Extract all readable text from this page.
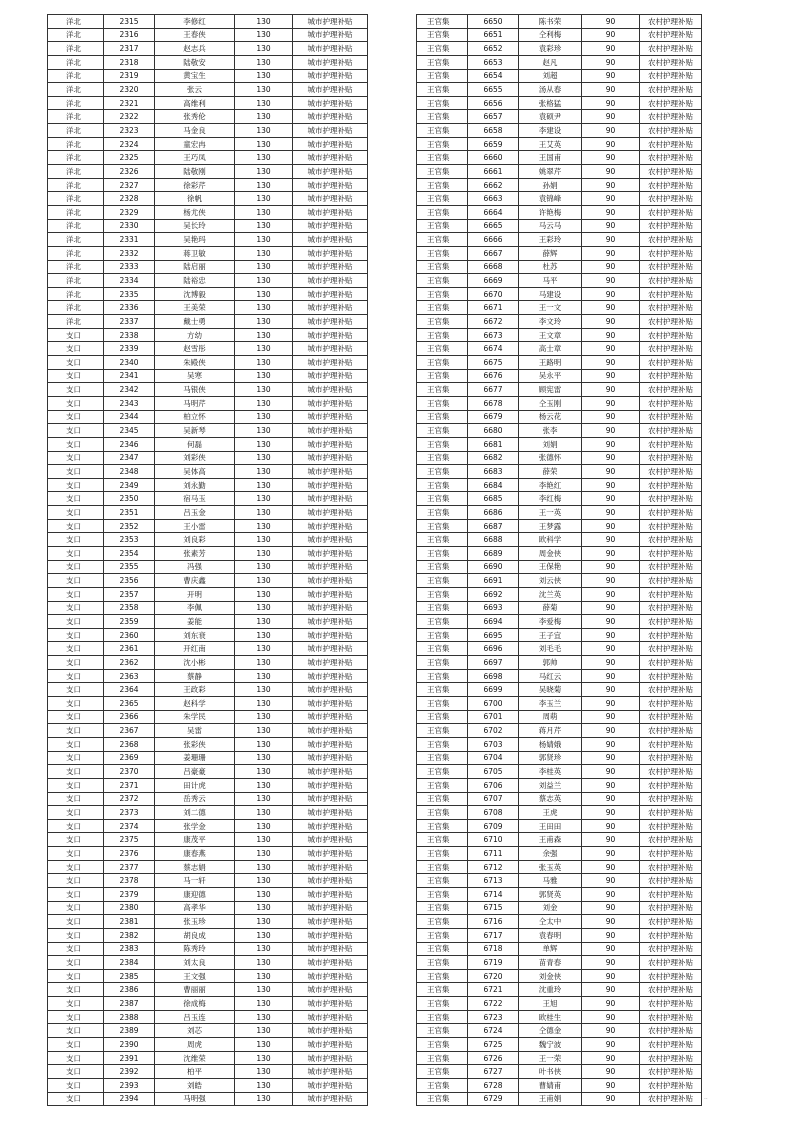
洋北	2315	李修红	130	城市护理补贴
洋北	2316	王春侠	130	城市护理补贴
洋北	2317	赵志兵	130	城市护理补贴
洋北	2318	陆敬安	130	城市护理补贴
洋北	2319	黄宝生	130	城市护理补贴
洋北	2320	张云	130	城市护理补贴
洋北	2321	高维利	130	城市护理补贴
洋北	2322	张秀伦	130	城市护理补贴
洋北	2323	马金良	130	城市护理补贴
洋北	2324	童宏冉	130	城市护理补贴
洋北	2325	王巧凤	130	城市护理补贴
洋北	2326	陆敬刚	130	城市护理补贴
洋北	2327	徐彩芹	130	城市护理补贴
洋北	2328	徐帆	130	城市护理补贴
洋北	2329	杨尤侠	130	城市护理补贴
洋北	2330	吴长玲	130	城市护理补贴
洋北	2331	吴艳玛	130	城市护理补贴
洋北	2332	蒋卫敏	130	城市护理补贴
洋北	2333	陆启丽	130	城市护理补贴
洋北	2334	陆裕忠	130	城市护理补贴
洋北	2335	沈博毅	130	城市护理补贴
洋北	2336	王美荣	130	城市护理补贴
洋北	2337	戴士勇	130	城市护理补贴
支口	2338	方幼	130	城市护理补贴
支口	2339	赵雪彤	130	城市护理补贴
支口	2340	朱殿侠	130	城市护理补贴
支口	2341	吴寒	130	城市护理补贴
支口	2342	马银侠	130	城市护理补贴
支口	2343	马明芹	130	城市护理补贴
支口	2344	柏立怀	130	城市护理补贴
支口	2345	吴新琴	130	城市护理补贴
支口	2346	何磊	130	城市护理补贴
支口	2347	刘彩侠	130	城市护理补贴
支口	2348	吴体高	130	城市护理补贴
支口	2349	刘永勤	130	城市护理补贴
支口	2350	宿马玉	130	城市护理补贴
支口	2351	吕玉金	130	城市护理补贴
支口	2352	王小雷	130	城市护理补贴
支口	2353	刘良彩	130	城市护理补贴
支口	2354	张素芳	130	城市护理补贴
支口	2355	冯强	130	城市护理补贴
支口	2356	曹庆鑫	130	城市护理补贴
支口	2357	开明	130	城市护理补贴
支口	2358	李佩	130	城市护理补贴
支口	2359	姜能	130	城市护理补贴
支口	2360	刘东衰	130	城市护理补贴
支口	2361	开红南	130	城市护理补贴
支口	2362	沈小彬	130	城市护理补贴
支口	2363	蔡静	130	城市护理补贴
支口	2364	王政彩	130	城市护理补贴
支口	2365	赵科学	130	城市护理补贴
支口	2366	朱学民	130	城市护理补贴
支口	2367	吴雷	130	城市护理补贴
支口	2368	张彩侠	130	城市护理补贴
支口	2369	姜珊珊	130	城市护理补贴
支口	2370	吕豪豪	130	城市护理补贴
支口	2371	田计虎	130	城市护理补贴
支口	2372	岳秀云	130	城市护理补贴
支口	2373	刘二德	130	城市护理补贴
支口	2374	张学金	130	城市护理补贴
支口	2375	康茂平	130	城市护理补贴
支口	2376	康春燕	130	城市护理补贴
支口	2377	蔡志娟	130	城市护理补贴
支口	2378	马一轩	130	城市护理补贴
支口	2379	康迎德	130	城市护理补贴
支口	2380	高孝华	130	城市护理补贴
支口	2381	张玉珍	130	城市护理补贴
支口	2382	胡良成	130	城市护理补贴
支口	2383	陈秀玲	130	城市护理补贴
支口	2384	刘太良	130	城市护理补贴
支口	2385	王文强	130	城市护理补贴
支口	2386	曹丽丽	130	城市护理补贴
支口	2387	徐成梅	130	城市护理补贴
支口	2388	吕玉连	130	城市护理补贴
支口	2389	刘芯	130	城市护理补贴
支口	2390	周虎	130	城市护理补贴
支口	2391	沈维荣	130	城市护理补贴
支口	2392	柏平	130	城市护理补贴
支口	2393	刘皓	130	城市护理补贴
支口	2394	马明强	130	城市护理补贴
王官集	6650	陈书荣	90	农村护理补贴
王官集	6651	仝利梅	90	农村护理补贴
王官集	6652	袁彩珍	90	农村护理补贴
王官集	6653	赵凡	90	农村护理补贴
王官集	6654	刘超	90	农村护理补贴
王官集	6655	汤从春	90	农村护理补贴
王官集	6656	张格猛	90	农村护理补贴
王官集	6657	袁硕尹	90	农村护理补贴
王官集	6658	李建设	90	农村护理补贴
王官集	6659	王艾英	90	农村护理补贴
王官集	6660	王国甫	90	农村护理补贴
王官集	6661	姚翠芹	90	农村护理补贴
王官集	6662	孙娟	90	农村护理补贴
王官集	6663	袁锦峰	90	农村护理补贴
王官集	6664	许艳梅	90	农村护理补贴
王官集	6665	马云马	90	农村护理补贴
王官集	6666	王彩玲	90	农村护理补贴
王官集	6667	薛辉	90	农村护理补贴
王官集	6668	杜苏	90	农村护理补贴
王官集	6669	马平	90	农村护理补贴
王官集	6670	马建设	90	农村护理补贴
王官集	6671	王一文	90	农村护理补贴
王官集	6672	李文玲	90	农村护理补贴
王官集	6673	王文章	90	农村护理补贴
王官集	6674	高士章	90	农村护理补贴
王官集	6675	王路明	90	农村护理补贴
王官集	6676	吴永平	90	农村护理补贴
王官集	6677	顾宪雷	90	农村护理补贴
王官集	6678	仝玉刚	90	农村护理补贴
王官集	6679	杨云花	90	农村护理补贴
王官集	6680	张李	90	农村护理补贴
王官集	6681	刘娟	90	农村护理补贴
王官集	6682	张德怀	90	农村护理补贴
王官集	6683	薛荣	90	农村护理补贴
王官集	6684	李艳红	90	农村护理补贴
王官集	6685	李红梅	90	农村护理补贴
王官集	6686	王一英	90	农村护理补贴
王官集	6687	王梦露	90	农村护理补贴
王官集	6688	欧科学	90	农村护理补贴
王官集	6689	周金侠	90	农村护理补贴
王官集	6690	王保艳	90	农村护理补贴
王官集	6691	刘云侠	90	农村护理补贴
王官集	6692	沈兰英	90	农村护理补贴
王官集	6693	薛菊	90	农村护理补贴
王官集	6694	李爱梅	90	农村护理补贴
王官集	6695	王子宜	90	农村护理补贴
王官集	6696	刘毛毛	90	农村护理补贴
王官集	6697	郭帅	90	农村护理补贴
王官集	6698	马红云	90	农村护理补贴
王官集	6699	吴晓菊	90	农村护理补贴
王官集	6700	李玉兰	90	农村护理补贴
王官集	6701	周萌	90	农村护理补贴
王官集	6702	蒋月芹	90	农村护理补贴
王官集	6703	杨婧娥	90	农村护理补贴
王官集	6704	郭贤珍	90	农村护理补贴
王官集	6705	李桂英	90	农村护理补贴
王官集	6706	刘益兰	90	农村护理补贴
王官集	6707	蔡志英	90	农村护理补贴
王官集	6708	王虎	90	农村护理补贴
王官集	6709	王田田	90	农村护理补贴
王官集	6710	王甫森	90	农村护理补贴
王官集	6711	余强	90	农村护理补贴
王官集	6712	张玉英	90	农村护理补贴
王官集	6713	马雅	90	农村护理补贴
王官集	6714	郭贤英	90	农村护理补贴
王官集	6715	刘金	90	农村护理补贴
王官集	6716	仝太中	90	农村护理补贴
王官集	6717	袁春明	90	农村护理补贴
王官集	6718	单辉	90	农村护理补贴
王官集	6719	苗青春	90	农村护理补贴
王官集	6720	刘金侠	90	农村护理补贴
王官集	6721	沈重玲	90	农村护理补贴
王官集	6722	王旭	90	农村护理补贴
王官集	6723	欧桂生	90	农村护理补贴
王官集	6724	仝德金	90	农村护理补贴
王官集	6725	魏宁波	90	农村护理补贴
王官集	6726	王一荣	90	农村护理补贴
王官集	6727	叶书侠	90	农村护理补贴
王官集	6728	曹婧甫	90	农村护理补贴
王官集	6729	王甫娟	90	农村护理补贴 ··
